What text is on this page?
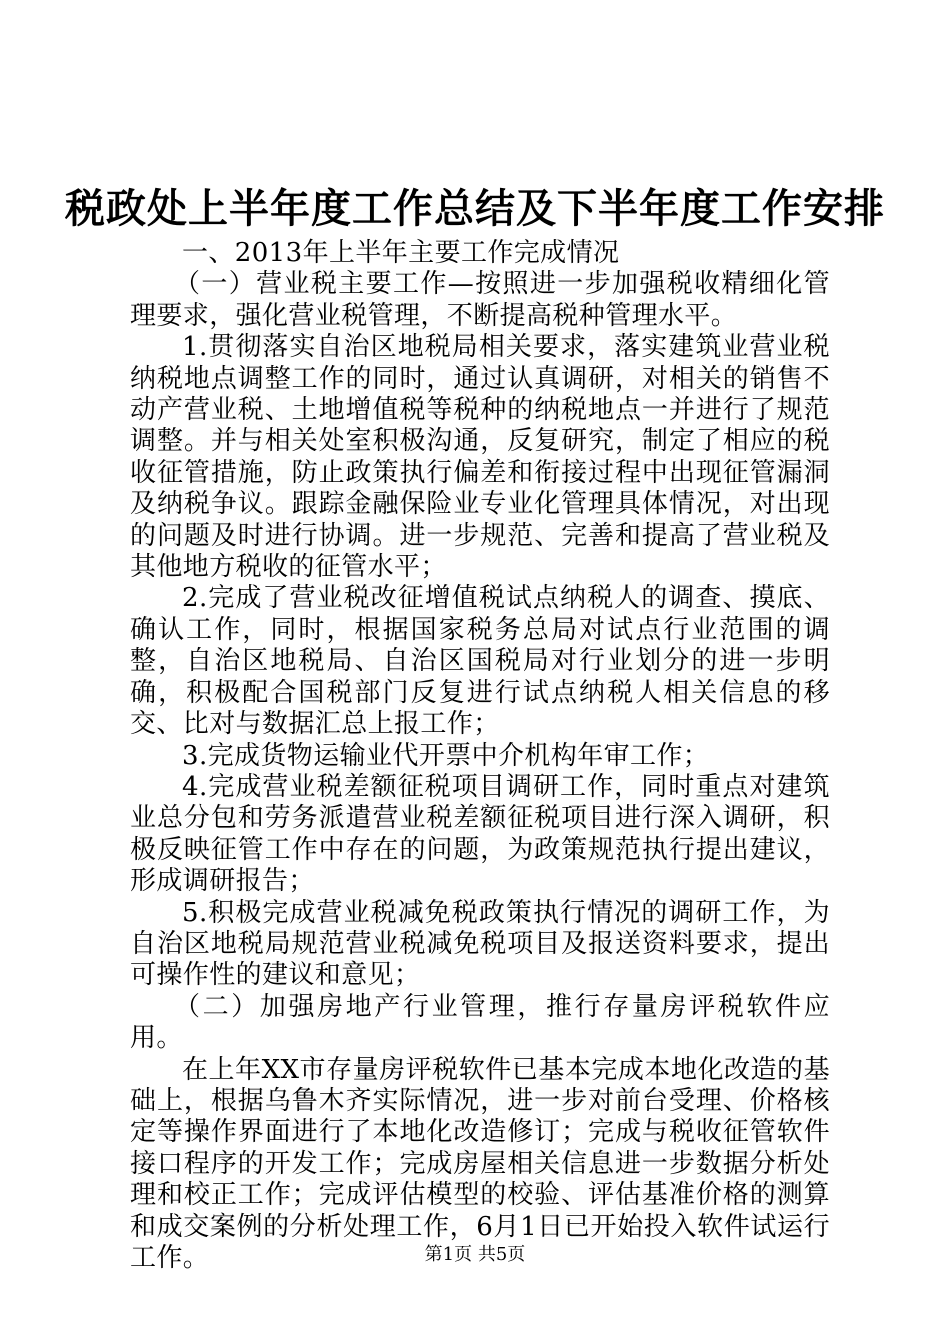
税政处上半年度工作总结及下半年度工作安排

一、2013年上半年主要工作完成情况

（一）营业税主要工作—按照进一步加强税收精细化管理要求，强化营业税管理，不断提高税种管理水平。

1.贯彻落实自治区地税局相关要求，落实建筑业营业税纳税地点调整工作的同时，通过认真调研，对相关的销售不动产营业税、土地增值税等税种的纳税地点一并进行了规范调整。并与相关处室积极沟通，反复研究，制定了相应的税收征管措施，防止政策执行偏差和衔接过程中出现征管漏洞及纳税争议。跟踪金融保险业专业化管理具体情况，对出现的问题及时进行协调。进一步规范、完善和提高了营业税及其他地方税收的征管水平；

2.完成了营业税改征增值税试点纳税人的调查、摸底、确认工作，同时，根据国家税务总局对试点行业范围的调整，自治区地税局、自治区国税局对行业划分的进一步明确，积极配合国税部门反复进行试点纳税人相关信息的移交、比对与数据汇总上报工作；

3.完成货物运输业代开票中介机构年审工作；

4.完成营业税差额征税项目调研工作，同时重点对建筑业总分包和劳务派遣营业税差额征税项目进行深入调研，积极反映征管工作中存在的问题，为政策规范执行提出建议，形成调研报告；

5.积极完成营业税减免税政策执行情况的调研工作，为自治区地税局规范营业税减免税项目及报送资料要求，提出可操作性的建议和意见；

（二）加强房地产行业管理，推行存量房评税软件应用。

在上年XX市存量房评税软件已基本完成本地化改造的基础上，根据乌鲁木齐实际情况，进一步对前台受理、价格核定等操作界面进行了本地化改造修订；完成与税收征管软件接口程序的开发工作；完成房屋相关信息进一步数据分析处理和校正工作；完成评估模型的校验、评估基准价格的测算和成交案例的分析处理工作，6月1日已开始投入软件试运行工作。	第1页 共5页
